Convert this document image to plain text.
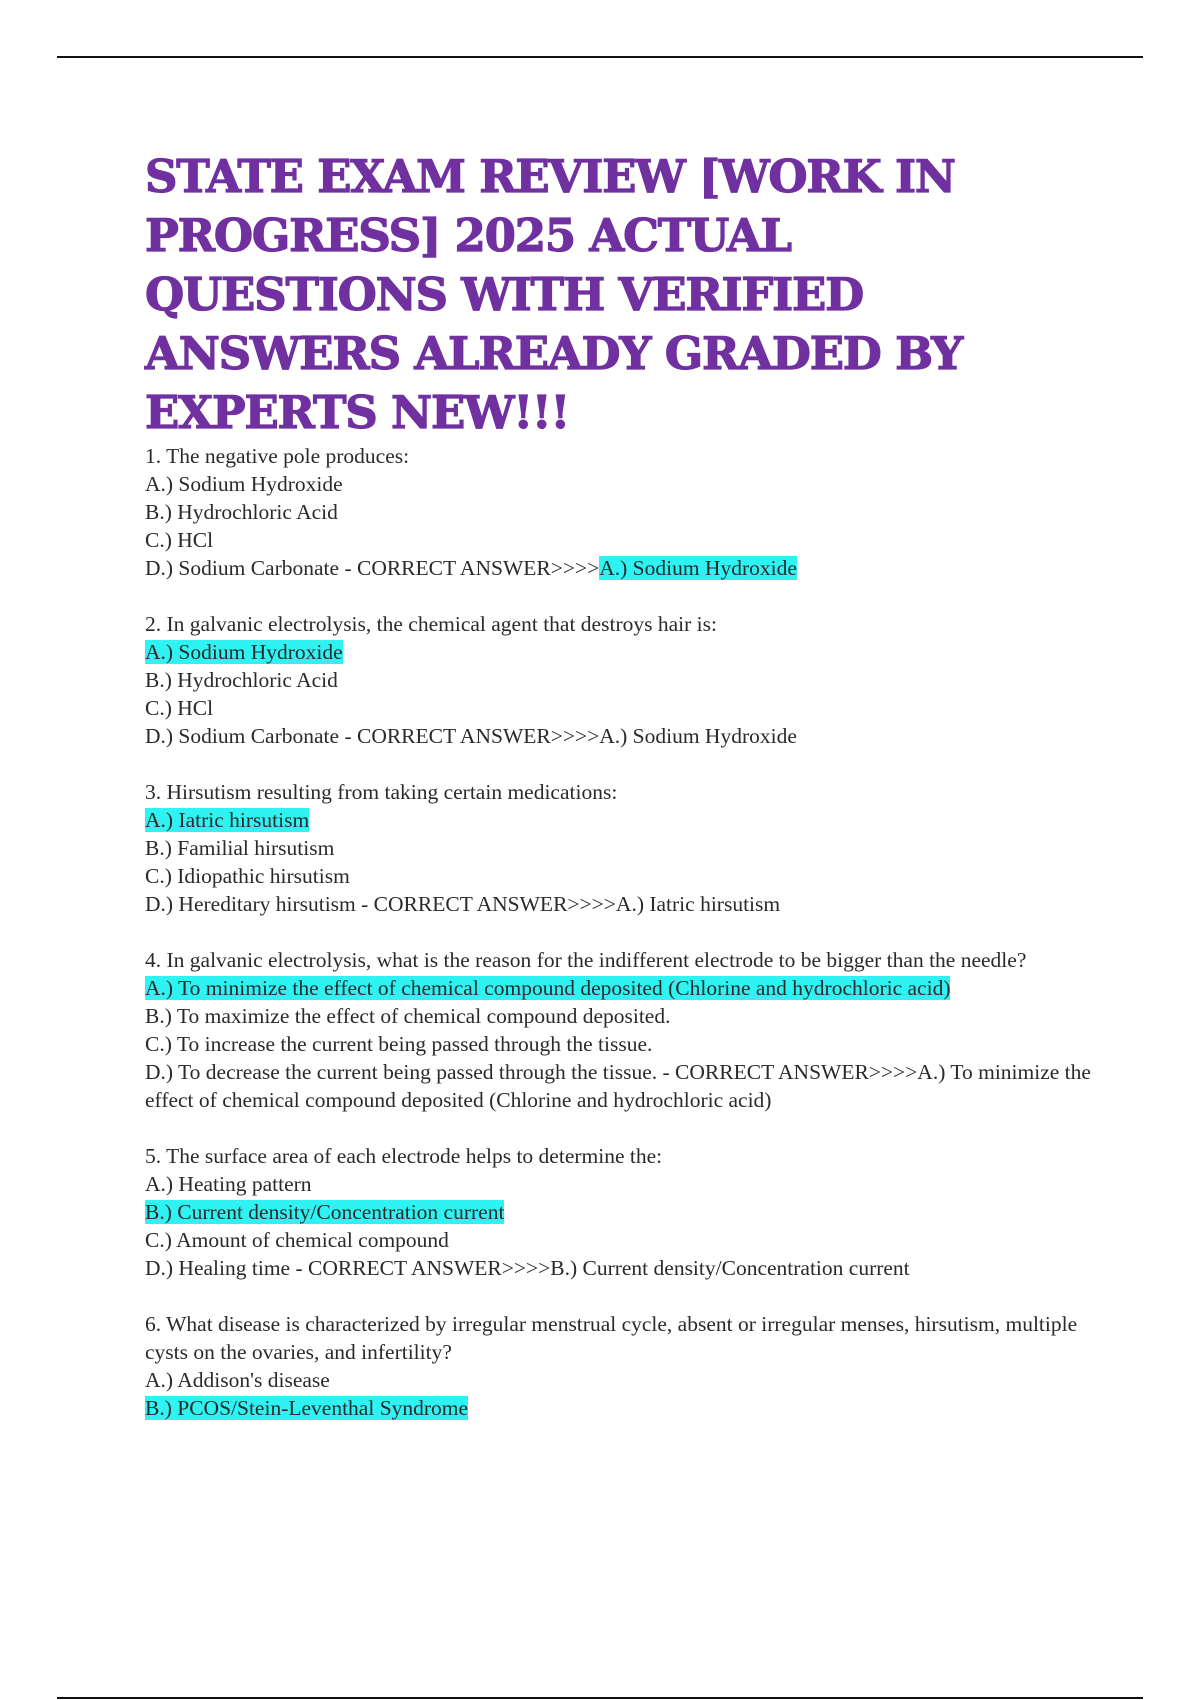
STATE EXAM REVIEW [WORK IN PROGRESS] 2025 ACTUAL QUESTIONS WITH VERIFIED ANSWERS ALREADY GRADED BY EXPERTS NEW!!!
1. The negative pole produces:
A.) Sodium Hydroxide
B.) Hydrochloric Acid
C.) HCl
D.) Sodium Carbonate - CORRECT ANSWER>>>>A.) Sodium Hydroxide
2. In galvanic electrolysis, the chemical agent that destroys hair is:
A.) Sodium Hydroxide
B.) Hydrochloric Acid
C.) HCl
D.) Sodium Carbonate - CORRECT ANSWER>>>>A.) Sodium Hydroxide
3. Hirsutism resulting from taking certain medications:
A.) Iatric hirsutism
B.) Familial hirsutism
C.) Idiopathic hirsutism
D.) Hereditary hirsutism - CORRECT ANSWER>>>>A.) Iatric hirsutism
4. In galvanic electrolysis, what is the reason for the indifferent electrode to be bigger than the needle?
A.) To minimize the effect of chemical compound deposited (Chlorine and hydrochloric acid)
B.) To maximize the effect of chemical compound deposited.
C.) To increase the current being passed through the tissue.
D.) To decrease the current being passed through the tissue. - CORRECT ANSWER>>>>A.) To minimize the effect of chemical compound deposited (Chlorine and hydrochloric acid)
5. The surface area of each electrode helps to determine the:
A.) Heating pattern
B.) Current density/Concentration current
C.) Amount of chemical compound
D.) Healing time - CORRECT ANSWER>>>>B.) Current density/Concentration current
6. What disease is characterized by irregular menstrual cycle, absent or irregular menses, hirsutism, multiple cysts on the ovaries, and infertility?
A.) Addison's disease
B.) PCOS/Stein-Leventhal Syndrome
